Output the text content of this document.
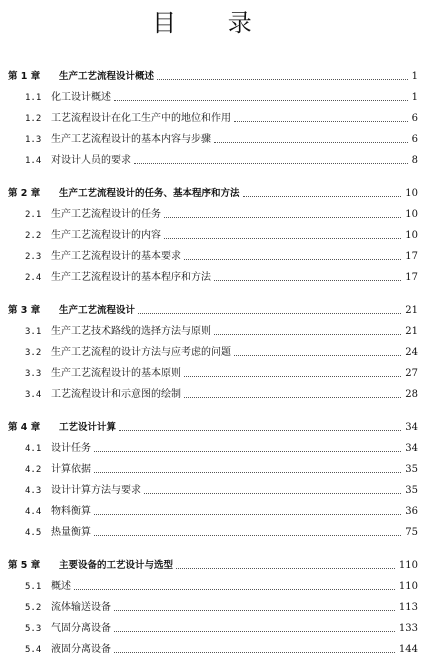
目 录
第 1 章	生产工艺流程设计概述	1
1.1 化工设计概述	1
1.2 工艺流程设计在化工生产中的地位和作用	6
1.3 生产工艺流程设计的基本内容与步骤	6
1.4 对设计人员的要求	8
第 2 章	生产工艺流程设计的任务、基本程序和方法	10
2.1 生产工艺流程设计的任务	10
2.2 生产工艺流程设计的内容	10
2.3 生产工艺流程设计的基本要求	17
2.4 生产工艺流程设计的基本程序和方法	17
第 3 章	生产工艺流程设计	21
3.1 生产工艺技术路线的选择方法与原则	21
3.2 生产工艺流程的设计方法与应考虑的问题	24
3.3 生产工艺流程设计的基本原则	27
3.4 工艺流程设计和示意图的绘制	28
第 4 章	工艺设计计算	34
4.1 设计任务	34
4.2 计算依据	35
4.3 设计计算方法与要求	35
4.4 物料衡算	36
4.5 热量衡算	75
第 5 章	主要设备的工艺设计与选型	110
5.1 概述	110
5.2 流体输送设备	113
5.3 气固分离设备	133
5.4 液固分离设备	144
